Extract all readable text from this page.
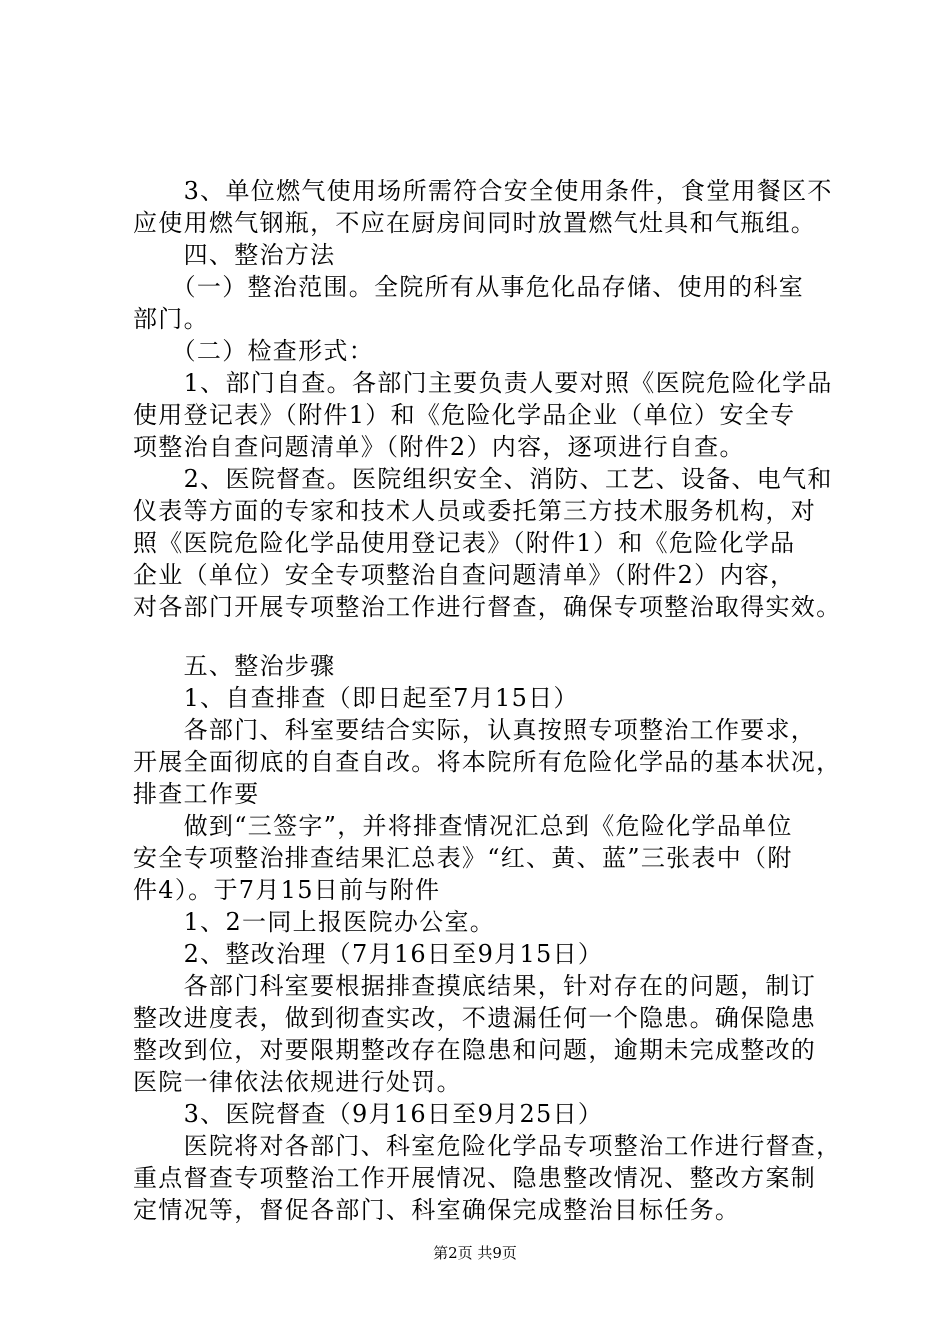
　　3、单位燃气使用场所需符合安全使用条件，食堂用餐区不
应使用燃气钢瓶，不应在厨房间同时放置燃气灶具和气瓶组。
　　四、整治方法
　　（一）整治范围。全院所有从事危化品存储、使用的科室
部门。
　　（二）检查形式：
　　1、部门自查。各部门主要负责人要对照《医院危险化学品
使用登记表》（附件1）和《危险化学品企业（单位）安全专
项整治自查问题清单》（附件2）内容，逐项进行自查。
　　2、医院督查。医院组织安全、消防、工艺、设备、电气和
仪表等方面的专家和技术人员或委托第三方技术服务机构，对
照《医院危险化学品使用登记表》（附件1）和《危险化学品
企业（单位）安全专项整治自查问题清单》（附件2）内容，
对各部门开展专项整治工作进行督查，确保专项整治取得实效。
　　五、整治步骤
　　1、自查排查（即日起至7月15日）
　　各部门、科室要结合实际，认真按照专项整治工作要求，
开展全面彻底的自查自改。将本院所有危险化学品的基本状况，
排查工作要
　　做到“三签字”，并将排查情况汇总到《危险化学品单位
安全专项整治排查结果汇总表》“红、黄、蓝”三张表中（附
件4）。于7月15日前与附件
　　1、2一同上报医院办公室。
　　2、整改治理（7月16日至9月15日）
　　各部门科室要根据排查摸底结果，针对存在的问题，制订
整改进度表，做到彻查实改，不遗漏任何一个隐患。确保隐患
整改到位，对要限期整改存在隐患和问题，逾期未完成整改的
医院一律依法依规进行处罚。
　　3、医院督查（9月16日至9月25日）
　　医院将对各部门、科室危险化学品专项整治工作进行督查，
重点督查专项整治工作开展情况、隐患整改情况、整改方案制
定情况等，督促各部门、科室确保完成整治目标任务。
第2页 共9页
